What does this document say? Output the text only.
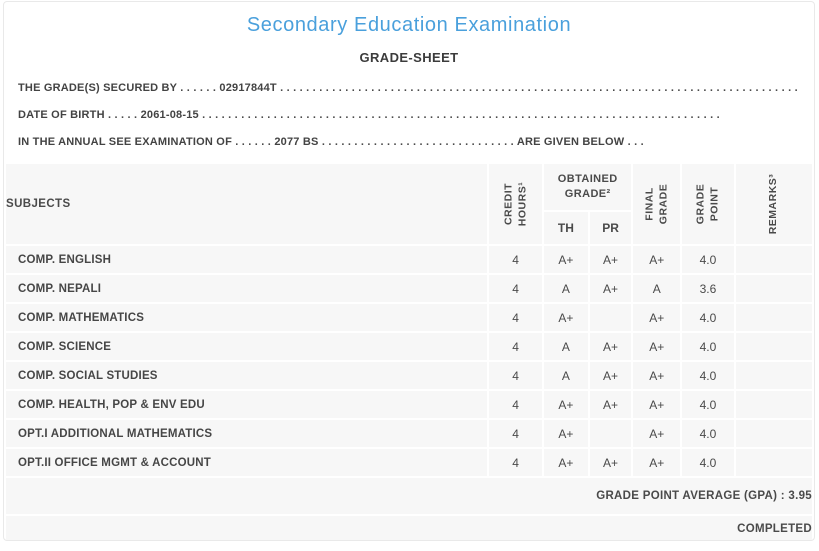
Secondary Education Examination
GRADE-SHEET
THE GRADE(S) SECURED BY . . . . . . 02917844T . . . . . . . . . . . . . . . . . . . . . . . . . . . . . . . . . . . . . . . . . . . . . . . . . . . . . . . . . . . . . . . . . . . . . . . . . . . . . . . .
DATE OF BIRTH . . . . . 2061-08-15 . . . . . . . . . . . . . . . . . . . . . . . . . . . . . . . . . . . . . . . . . . . . . . . . . . . . . . . . . . . . . . . . . . . . . . . . . . . . . . . .
IN THE ANNUAL SEE EXAMINATION OF . . . . . . 2077 BS . . . . . . . . . . . . . . . . . . . . . . . . . . . . . . ARE GIVEN BELOW . . .
SUBJECTS	CREDIT HOURS¹	OBTAINED GRADE²		FINAL GRADE	GRADE POINT	REMARKS³

		TH	PR			
COMP. ENGLISH	4	A+	A+	A+	4.0	
COMP. NEPALI	4	A	A+	A	3.6	
COMP. MATHEMATICS	4	A+		A+	4.0	
COMP. SCIENCE	4	A	A+	A+	4.0	
COMP. SOCIAL STUDIES	4	A	A+	A+	4.0	
COMP. HEALTH, POP & ENV EDU	4	A+	A+	A+	4.0	
OPT.I ADDITIONAL MATHEMATICS	4	A+		A+	4.0	
OPT.II OFFICE MGMT & ACCOUNT	4	A+	A+	A+	4.0	
GRADE POINT AVERAGE (GPA) : 3.95						
COMPLETED						
